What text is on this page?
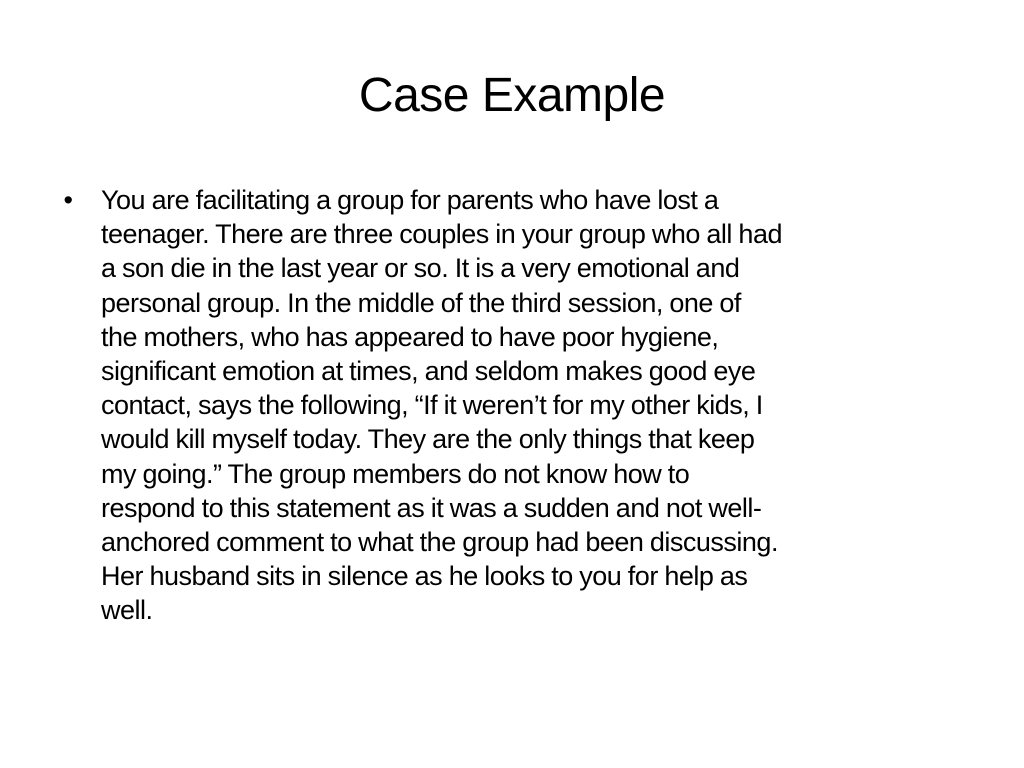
Case Example
• You are facilitating a group for parents who have lost a
teenager. There are three couples in your group who all had
a son die in the last year or so. It is a very emotional and
personal group. In the middle of the third session, one of
the mothers, who has appeared to have poor hygiene,
significant emotion at times, and seldom makes good eye
contact, says the following, “If it weren’t for my other kids, I
would kill myself today. They are the only things that keep
my going.” The group members do not know how to
respond to this statement as it was a sudden and not well-
anchored comment to what the group had been discussing.
Her husband sits in silence as he looks to you for help as
well.
